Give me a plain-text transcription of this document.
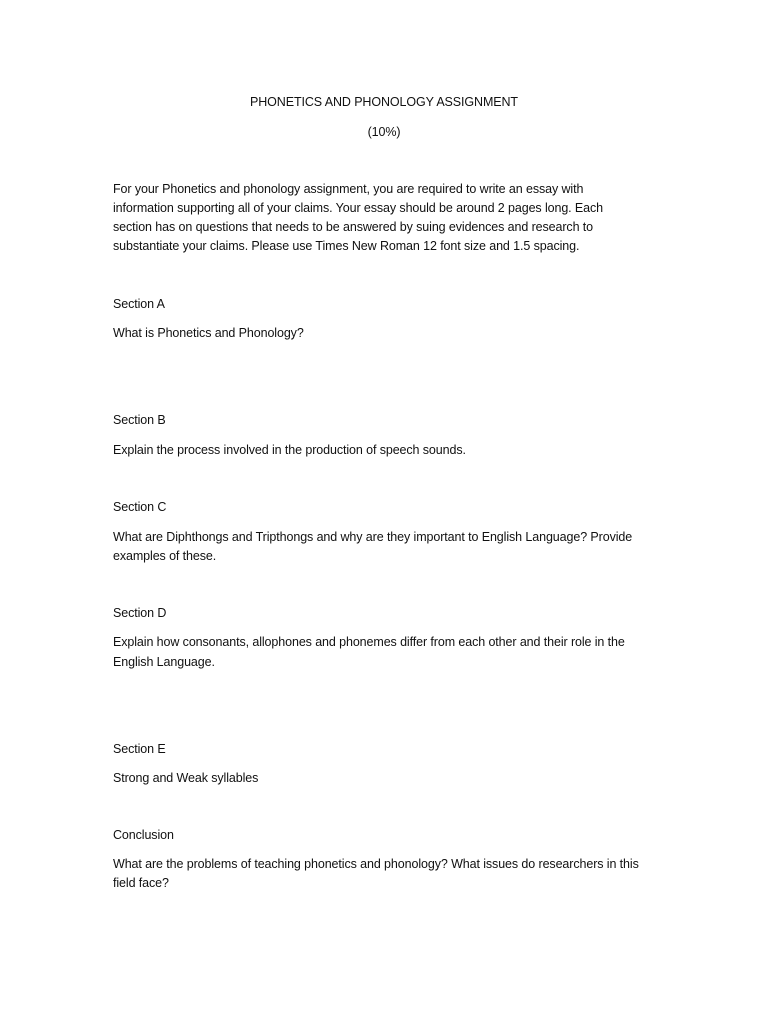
PHONETICS AND PHONOLOGY ASSIGNMENT
(10%)
For your Phonetics and phonology assignment, you are required to write an essay with
information supporting all of your claims. Your essay should be around 2 pages long. Each
section has on questions that needs to be answered by suing evidences and research to
substantiate your claims. Please use Times New Roman 12 font size and 1.5 spacing.
Section A
What is Phonetics and Phonology?
Section B
Explain the process involved in the production of speech sounds.
Section C
What are Diphthongs and Tripthongs and why are they important to English Language? Provide
examples of these.
Section D
Explain how consonants, allophones and phonemes differ from each other and their role in the
English Language.
Section E
Strong and Weak syllables
Conclusion
What are the problems of teaching phonetics and phonology? What issues do researchers in this
field face?
